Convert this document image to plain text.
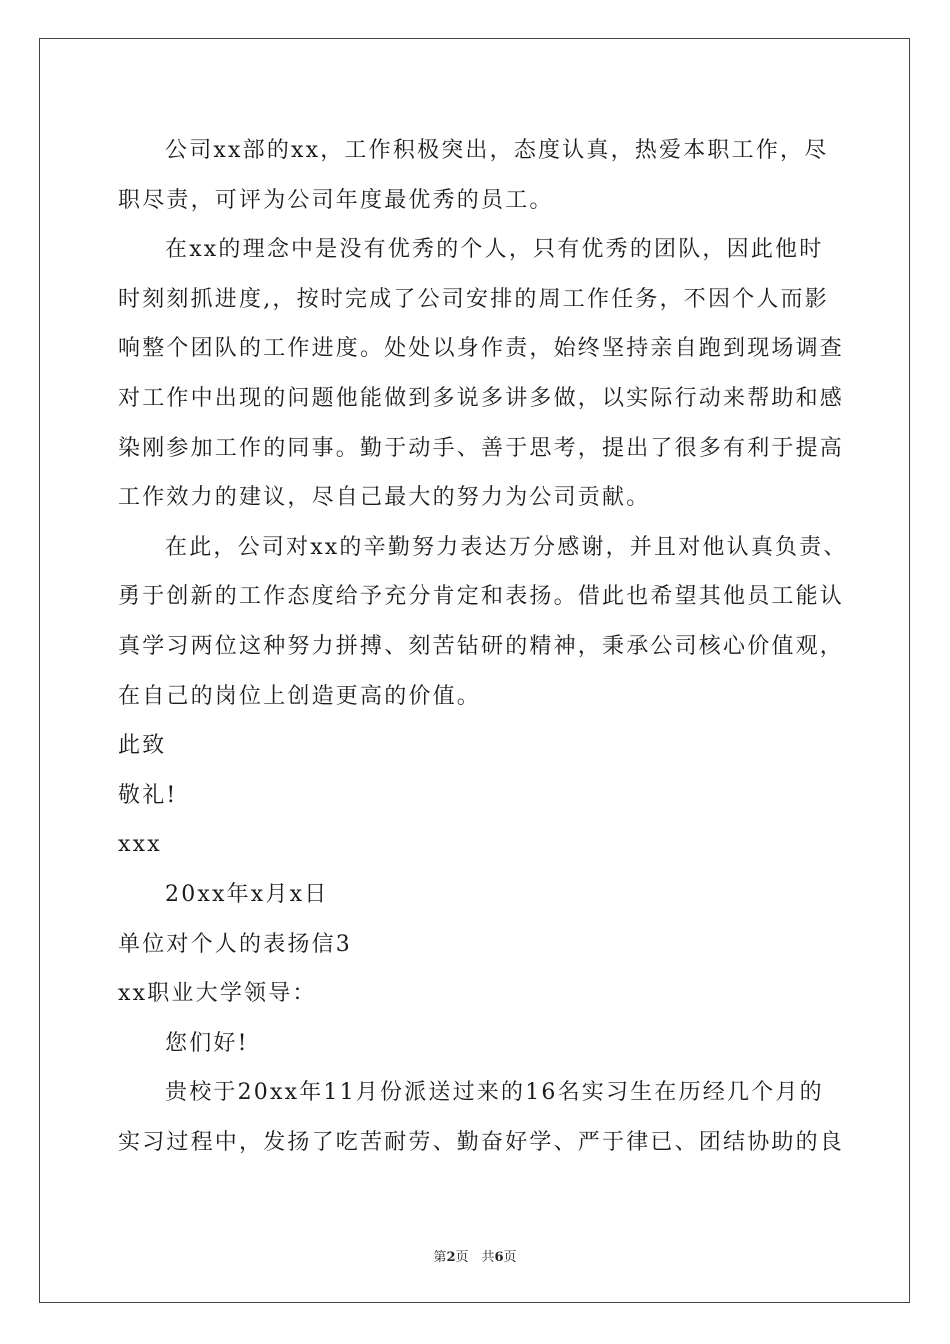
公司xx部的xx，工作积极突出，态度认真，热爱本职工作，尽
职尽责，可评为公司年度最优秀的员工。
在xx的理念中是没有优秀的个人，只有优秀的团队，因此他时
时刻刻抓进度,，按时完成了公司安排的周工作任务，不因个人而影
响整个团队的工作进度。处处以身作责，始终坚持亲自跑到现场调查
对工作中出现的问题他能做到多说多讲多做，以实际行动来帮助和感
染刚参加工作的同事。勤于动手、善于思考，提出了很多有利于提高
工作效力的建议，尽自己最大的努力为公司贡献。
在此，公司对xx的辛勤努力表达万分感谢，并且对他认真负责、
勇于创新的工作态度给予充分肯定和表扬。借此也希望其他员工能认
真学习两位这种努力拼搏、刻苦钻研的精神，秉承公司核心价值观，
在自己的岗位上创造更高的价值。
此致
敬礼!
xxx
20xx年x月x日
单位对个人的表扬信3
xx职业大学领导：
您们好!
贵校于20xx年11月份派送过来的16名实习生在历经几个月的
实习过程中，发扬了吃苦耐劳、勤奋好学、严于律已、团结协助的良
第2页　共6页
